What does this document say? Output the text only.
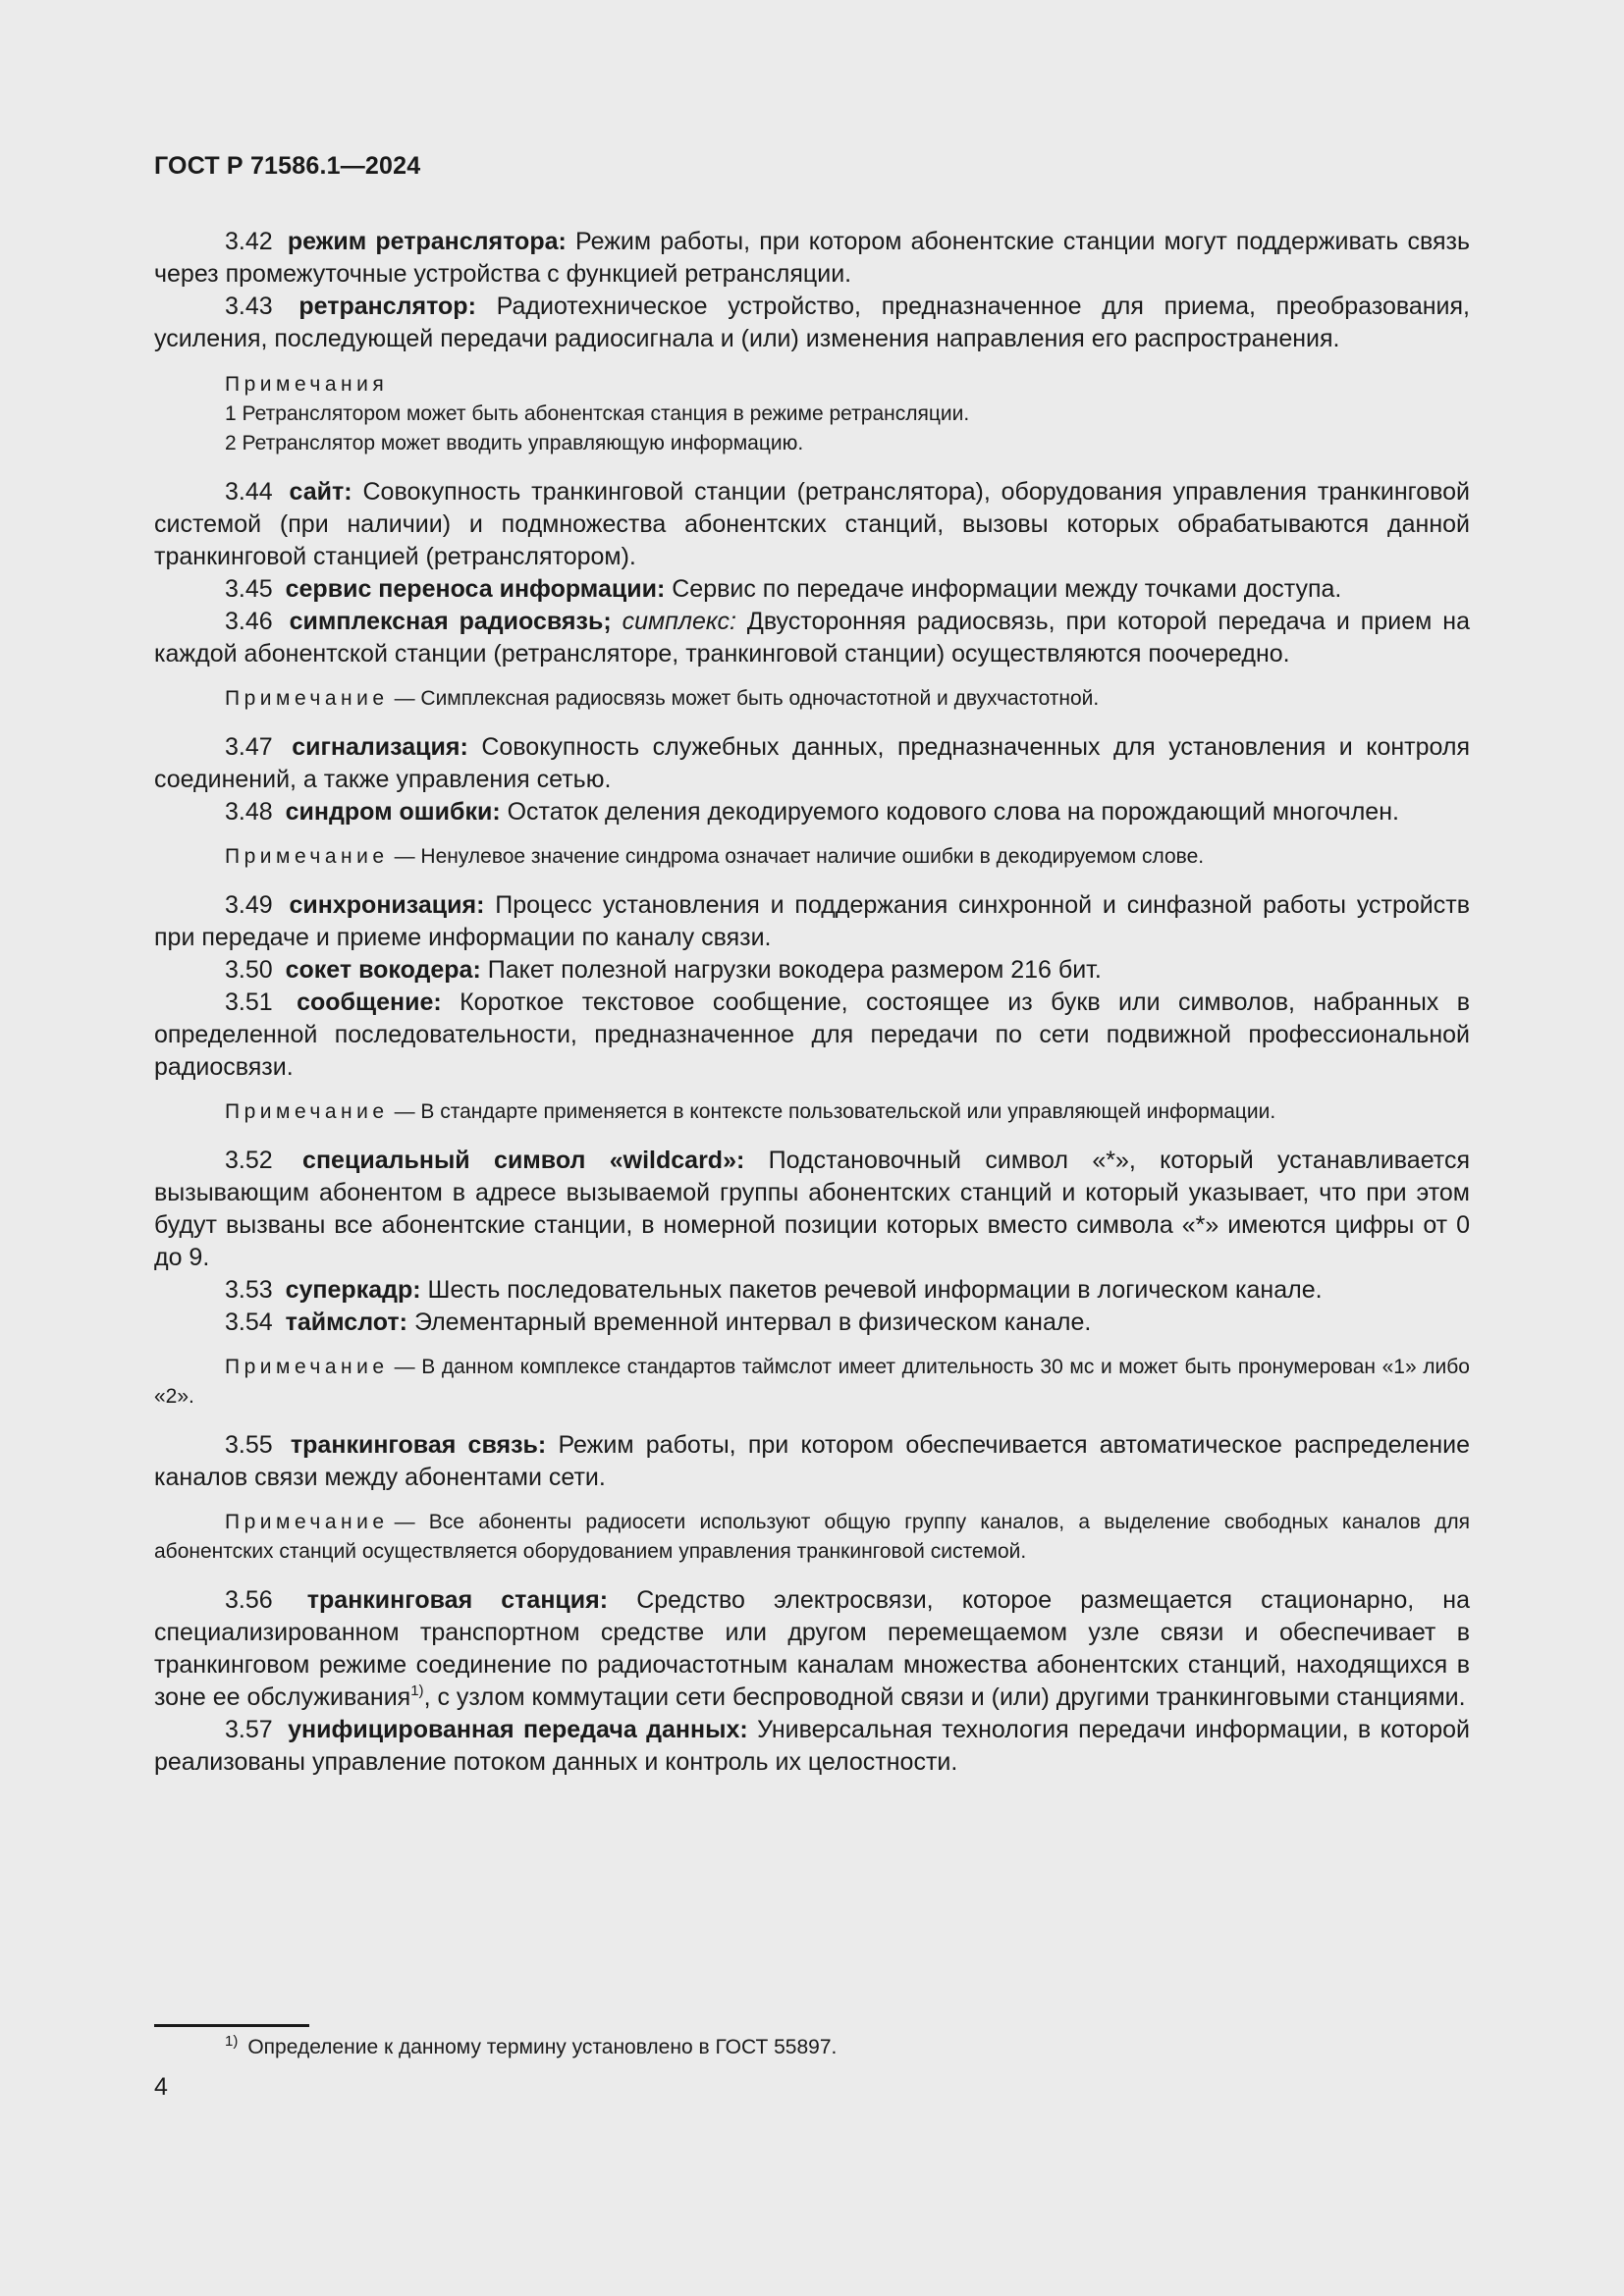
ГОСТ Р 71586.1—2024

3.42 режим ретранслятора: Режим работы, при котором абонентские станции могут поддерживать связь через промежуточные устройства с функцией ретрансляции.

3.43 ретранслятор: Радиотехническое устройство, предназначенное для приема, преобразования, усиления, последующей передачи радиосигнала и (или) изменения направления его распространения.

Примечания

1 Ретранслятором может быть абонентская станция в режиме ретрансляции.

2 Ретранслятор может вводить управляющую информацию.

3.44 сайт: Совокупность транкинговой станции (ретранслятора), оборудования управления транкинговой системой (при наличии) и подмножества абонентских станций, вызовы которых обрабатываются данной транкинговой станцией (ретранслятором).

3.45 сервис переноса информации: Сервис по передаче информации между точками доступа.

3.46 симплексная радиосвязь; симплекс: Двусторонняя радиосвязь, при которой передача и прием на каждой абонентской станции (ретрансляторе, транкинговой станции) осуществляются поочередно.

Примечание — Симплексная радиосвязь может быть одночастотной и двухчастотной.

3.47 сигнализация: Совокупность служебных данных, предназначенных для установления и контроля соединений, а также управления сетью.

3.48 синдром ошибки: Остаток деления декодируемого кодового слова на порождающий многочлен.

Примечание — Ненулевое значение синдрома означает наличие ошибки в декодируемом слове.

3.49 синхронизация: Процесс установления и поддержания синхронной и синфазной работы устройств при передаче и приеме информации по каналу связи.

3.50 сокет вокодера: Пакет полезной нагрузки вокодера размером 216 бит.

3.51 сообщение: Короткое текстовое сообщение, состоящее из букв или символов, набранных в определенной последовательности, предназначенное для передачи по сети подвижной профессиональной радиосвязи.

Примечание — В стандарте применяется в контексте пользовательской или управляющей информации.

3.52 специальный символ «wildcard»: Подстановочный символ «*», который устанавливается вызывающим абонентом в адресе вызываемой группы абонентских станций и который указывает, что при этом будут вызваны все абонентские станции, в номерной позиции которых вместо символа «*» имеются цифры от 0 до 9.

3.53 суперкадр: Шесть последовательных пакетов речевой информации в логическом канале.

3.54 таймслот: Элементарный временной интервал в физическом канале.

Примечание — В данном комплексе стандартов таймслот имеет длительность 30 мс и может быть пронумерован «1» либо «2».

3.55 транкинговая связь: Режим работы, при котором обеспечивается автоматическое распределение каналов связи между абонентами сети.

Примечание — Все абоненты радиосети используют общую группу каналов, а выделение свободных каналов для абонентских станций осуществляется оборудованием управления транкинговой системой.

3.56 транкинговая станция: Средство электросвязи, которое размещается стационарно, на специализированном транспортном средстве или другом перемещаемом узле связи и обеспечивает в транкинговом режиме соединение по радиочастотным каналам множества абонентских станций, находящихся в зоне ее обслуживания$^{1)}$, с узлом коммутации сети беспроводной связи и (или) другими транкинговыми станциями.

3.57 унифицированная передача данных: Универсальная технология передачи информации, в которой реализованы управление потоком данных и контроль их целостности.

$^{1)}$ Определение к данному термину установлено в ГОСТ 55897.

4
